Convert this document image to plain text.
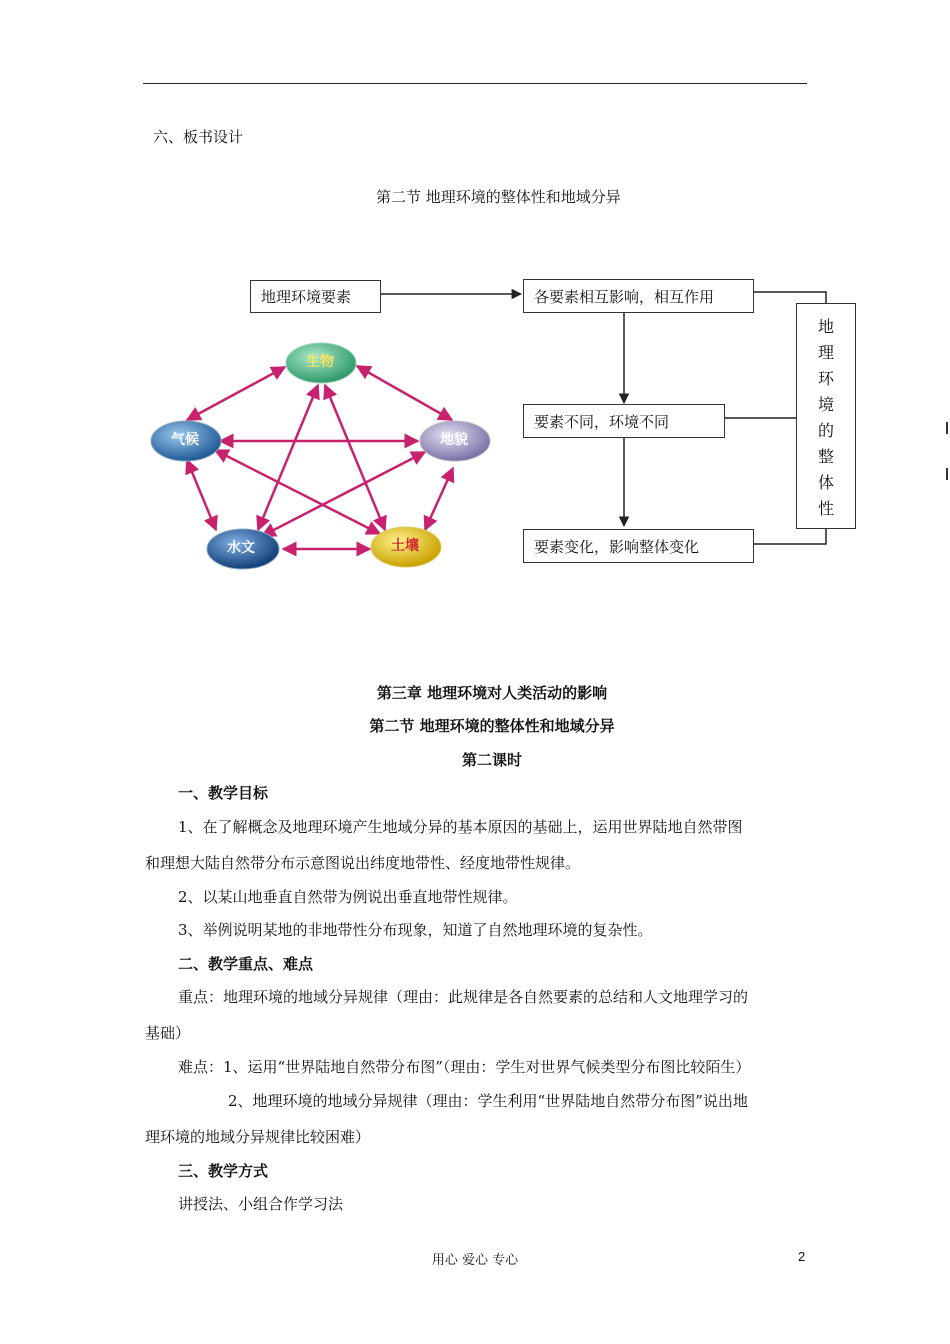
六、板书设计
第二节 地理环境的整体性和地域分异
生物
气候	地貌
水文	土壤
地理环境要素	各要素相互影响，相互作用
要素不同，环境不同
要素变化，影响整体变化
地
理
环
境
的
整
体
性
第三章 地理环境对人类活动的影响
第二节 地理环境的整体性和地域分异
第二课时
一、教学目标
1、在了解概念及地理环境产生地域分异的基本原因的基础上，运用世界陆地自然带图
和理想大陆自然带分布示意图说出纬度地带性、经度地带性规律。
2、以某山地垂直自然带为例说出垂直地带性规律。
3、举例说明某地的非地带性分布现象，知道了自然地理环境的复杂性。
二、教学重点、难点
重点：地理环境的地域分异规律（理由：此规律是各自然要素的总结和人文地理学习的
基础）
难点：1、运用“世界陆地自然带分布图”（理由：学生对世界气候类型分布图比较陌生）
2、地理环境的地域分异规律（理由：学生利用“世界陆地自然带分布图”说出地
理环境的地域分异规律比较困难）
三、教学方式
讲授法、小组合作学习法
用心 爱心 专心	2
